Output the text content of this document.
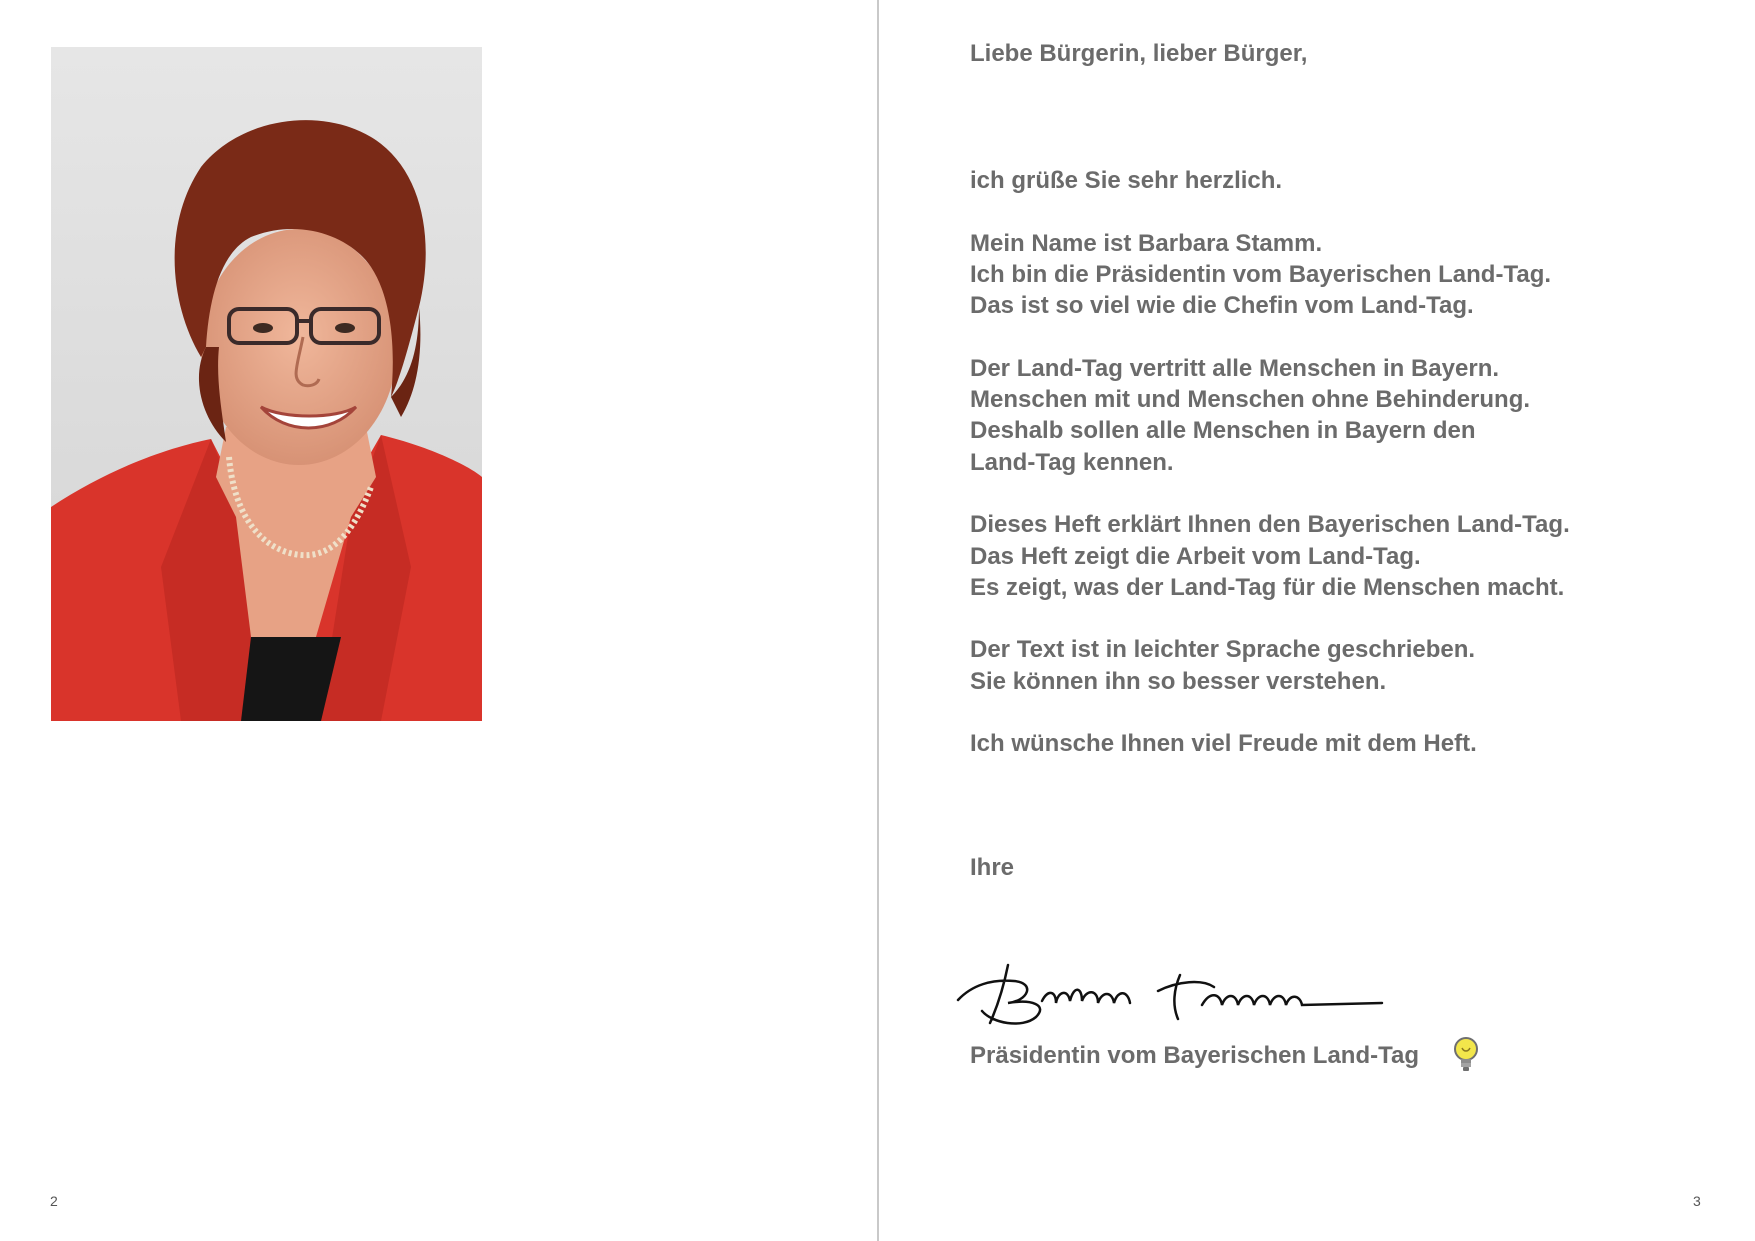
2	3
Liebe Bürgerin, lieber Bürger,
ich grüße Sie sehr herzlich.
Mein Name ist Barbara Stamm.
Ich bin die Präsidentin vom Bayerischen Land-Tag.
Das ist so viel wie die Chefin vom Land-Tag.
Der Land-Tag vertritt alle Menschen in Bayern.
Menschen mit und Menschen ohne Behinderung.
Deshalb sollen alle Menschen in Bayern den
Land-Tag kennen.
Dieses Heft erklärt Ihnen den Bayerischen Land-Tag.
Das Heft zeigt die Arbeit vom Land-Tag.
Es zeigt, was der Land-Tag für die Menschen macht.
Der Text ist in leichter Sprache geschrieben.
Sie können ihn so besser verstehen.
Ich wünsche Ihnen viel Freude mit dem Heft.
Ihre
Präsidentin vom Bayerischen Land-Tag
